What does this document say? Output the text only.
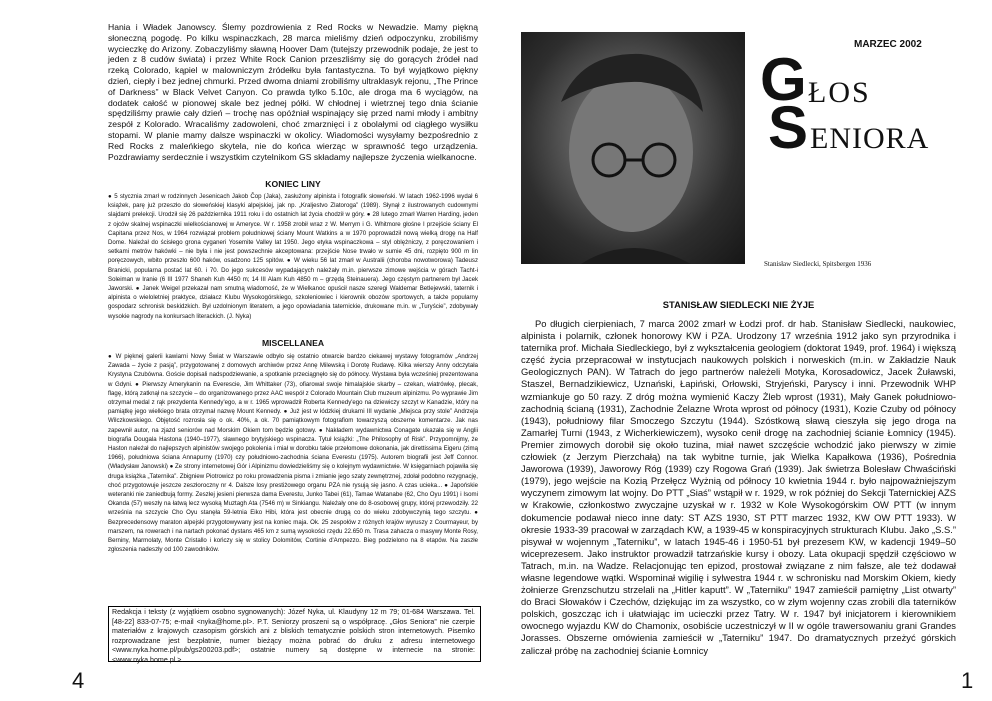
Hania i Władek Janowscy. Ślemy pozdrowienia z Red Rocks w Newadzie. Mamy piękną słoneczną pogodę. Po kilku wspinaczkach, 28 marca mieliśmy dzień odpoczynku, zrobiliśmy wycieczkę do Arizony. Zobaczyliśmy sławną Hoover Dam (tutejszy przewodnik podaje, że jest to jeden z 8 cudów świata) i przez White Rock Canion przeszliśmy się do gorących źródeł nad rzeką Colorado, kąpiel w malowniczym źródełku była fantastyczna. To był wyjątkowo piękny dzień, ciepły i bez jednej chmurki. Przed dwoma dniami zrobiliśmy ultraklasyk rejonu, „The Prince of Darkness” w Black Velvet Canyon. Co prawda tylko 5.10c, ale droga ma 6 wyciągów, na dodatek całość w pionowej skale bez jednej półki. W chłodnej i wietrznej tego dnia ścianie spędziliśmy prawie cały dzień – trochę nas opóźniał wspinający się przed nami młody i ambitny zespół z Kolorado. Wracaliśmy zadowoleni, choć zmarznięci i z obolałymi od ciągłego wysiłku stopami. W planie mamy dalsze wspinaczki w okolicy. Wiadomości wysyłamy bezpośrednio z Red Rocks z maleńkiego skytela, nie do końca wierząc w sprawność tego urządzenia. Pozdrawiamy serdecznie i wszystkim czytelnikom GS składamy najlepsze życzenia wielkanocne.

KONIEC LINY

● 5 stycznia zmarł w rodzinnych Jesenicach Jakob Čop (Jaka), zasłużony alpinista i fotografik słoweński. W latach 1962-1996 wydał 6 książek, parę już przeszło do słoweńskiej klasyki alpejskiej, jak np. „Kraljestvo Zlatoroga” (1989). Słynął z ilustrowanych cudownymi slajdami prelekcji. Urodził się 26 października 1911 roku i do ostatnich lat życia chodził w góry. ● 28 lutego zmarł Warren Harding, jeden z ojców skalnej wspinaczki wielkościanowej w Ameryce. W r. 1958 zrobił wraz z W. Merrym i G. Whitmore głośne I przejście ściany El Capitana przez Nos, w 1964 rozwiązał problem południowej ściany Mount Watkins a w 1970 poprowadził nową wielką drogę na Half Dome. Należał do ścisłego grona cyganeri Yosemite Valley lat 1950. Jego etyka wspinaczkowa – styl oblężniczy, z poręczowaniem i setkami metrów hakówki – nie była i nie jest powszechnie akceptowana: przejście Nose trwało w sumie 45 dni, rozpięto 900 m lin poręczowych, wbito przeszło 600 haków, osadzono 125 spitów. ● W wieku 56 lat zmarł w Australii (choroba nowotworowa) Tadeusz Branicki, popularna postać lat 60. i 70. Do jego sukcesów wypadających należały m.in. pierwsze zimowe wejścia w górach Tacht-i Soleiman w Iranie (6 III 1977 Shaneh Kuh 4450 m; 14 III Alam Kuh 4850 m – grzędą Steinauera). Jego częstym partnerem był Jacek Jaworski. ● Janek Weigel przekazał nam smutną wiadomość, że w Wielkanoc opuścił nasze szeregi Waldemar Betlejewski, taternik i alpinista o wieloletniej praktyce, działacz Klubu Wysokogórskiego, szkoleniowiec i kierownik obozów sportowych, a także popularny gospodarz schronisk beskidzkich. Był uzdolnionym literatem, a jego opowiadania taternickie, drukowane m.in. w „Turyście”, zdobywały wysokie nagrody na konkursach literackich. (J. Nyka)

MISCELLANEA

● W pięknej galerii kawiarni Nowy Świat w Warszawie odbyło się ostatnio otwarcie bardzo ciekawej wystawy fotogramów „Andrzej Zawada – życie z pasją”, przygotowanej z domowych archiwów przez Annę Milewską i Dorotę Rudawę. Kilka wierszy Anny odczytała Krystyna Czubówna. Goście dopisali nadspodziewanie, a spotkanie przeciągnęło się do północy. Wystawa była wcześniej prezentowana w Gdyni. ● Pierwszy Amerykanin na Everescie, Jim Whittaker (73), ofiarował swoje himalajskie skarby – czekan, wiatrówkę, plecak, flagę, którą zatknął na szczycie – do organizowanego przez AAC wespół z Colorado Mountain Club muzeum alpinizmu. Po wyprawie Jim otrzymał medal z rąk prezydenta Kennedy'ego, a w r. 1965 wprowadził Roberta Kennedy'ego na dziewiczy szczyt w Kanadzie, który na pamiątkę jego wielkiego brata otrzymał nazwę Mount Kennedy. ● Już jest w łódzkiej drukarni III wydanie „Miejsca przy stole” Andrzeja Wilczkowskiego. Objętość rozrosła się o ok. 40%, a ok. 70 pamiątkowym fotografiom towarzyszą obszerne komentarze. Jak nas zapewnił autor, na zjazd seniorów nad Morskim Okiem tom będzie gotowy. ● Nakładem wydawnictwa Conagate ukazała się w Anglii biografia Dougala Hastona (1940–1977), sławnego brytyjskiego wspinacza. Tytuł książki: „The Philosophy of Risk”. Przypomnijmy, że Haston należał do najlepszych alpinistów swojego pokolenia i miał w dorobku takie przełomowe dokonania, jak direttissima Eigeru (zimą 1966), południowa ściana Annapurny (1970) czy południowo-zachodnia ściana Everestu (1975). Autorem biografii jest Jeff Connor. (Władysław Janowski) ● Ze strony internetowej Gór i Alpinizmu dowiedzieliśmy się o kolejnym wydawnictwie. W księgarniach pojawiła się druga książka „Taternika”. Zbigniew Piotrowicz po roku prowadzenia pisma i zmianie jego szaty zewnętrznej, zdołał podobno rezygnację, choć przygotowuje jeszcze zeszłoroczny nr 4. Dalsze losy prestiżowego organu PZA nie rysują się jasno. A czas ucieka... ● Japońskie weteranki nie zaniedbują formy. Zeszłej jesieni pierwsza dama Everestu, Junko Tabei (61), Tamae Watanabe (62, Cho Oyu 1991) i Isomi Okanda (57) weszły na łatwą lecz wysoką Muztagh Ata (7546 m) w Sinkiangu. Należały one do 8-osobowej grupy, której przewodziły. 22 września na szczycie Cho Oyu stanęła 59-letnia Eiko Hibi, która jest obecnie drugą co do wieku zdobywczynią tego szczytu. ● Bezprecedensowy maraton alpejski przygotowywany jest na koniec maja. Ok. 25 zespołów z różnych krajów wyruszy z Courmayeur, by marszem, na rowerach i na nartach pokonać dystans 465 km z sumą wysokości rzędu 22.650 m. Trasa zahacza o masywy Monte Rosy, Berniny, Marmolaty, Monte Cristallo i kończy się w stolicy Dolomitów, Cortinie d'Ampezzo. Bieg podzielono na 8 etapów. Na zaszłe zgłoszenia nadeszły od 100 zawodników.

Redakcja i teksty (z wyjątkiem osobno sygnowanych): Józef Nyka, ul. Klaudyny 12 m 79; 01-684 Warszawa. Tel. [48-22] 833-07-75; e-mail <nyka@home.pl>. P.T. Seniorzy proszeni są o współpracę. „Głos Seniora” nie czerpie materiałów z krajowych czasopism górskich ani z bliskich tematycznie polskich stron internetowych. Pisemko rozprowadzane jest bezpłatnie, numer bieżący można pobrać do druku z adresu internetowego <www.nyka.home.pl/pub/gs200203.pdf>; ostatnie numery są dostępne w internecie na stronie: <www.nyka.home.pl.>.

4
Stanisław Siedlecki, Spitsbergen 1936
MARZEC 2002
G ŁOS
S ENIORA
STANISŁAW SIEDLECKI NIE ŻYJE

Po długich cierpieniach, 7 marca 2002 zmarł w Łodzi prof. dr hab. Stanisław Siedlecki, naukowiec, alpinista i polarnik, członek honorowy KW i PZA. Urodzony 17 września 1912 jako syn przyrodnika i taternika prof. Michała Siedleckiego, był z wykształcenia geologiem (doktorat 1949, prof. 1964) i większą część życia przepracował w instytucjach naukowych polskich i norweskich (m.in. w Zakładzie Nauk Geologicznych PAN). W Tatrach do jego partnerów należeli Motyka, Korosadowicz, Jacek Żuławski, Staszel, Bernadzikiewicz, Uznański, Łapiński, Orłowski, Stryjeński, Paryscy i inni. Przewodnik WHP wzmiankuje go 50 razy. Z dróg można wymienić Kaczy Żleb wprost (1931), Mały Ganek południowo-zachodnią ścianą (1931), Zachodnie Żelazne Wrota wprost od północy (1931), Kozie Czuby od północy (1943), południowy filar Smoczego Szczytu (1944). Szóstkową sławą cieszyła się jego droga na Zamarłej Turni (1943, z Wicherkiewiczem), wysoko cenił drogę na zachodniej ścianie Łomnicy (1945). Premier zimowych dorobił się około tuzina, miał nawet szczęście wchodzić jako pierwszy w zimie człowiek (z Jerzym Pierzchałą) na tak wybitne turnie, jak Wielka Kapałkowa (1936), Pośrednia Jaworowa (1939), Jaworowy Róg (1939) czy Rogowa Grań (1939). Jak świetrza Bolesław Chwaściński (1979), jego wejście na Kozią Przełęcz Wyżnią od północy 10 kwietnia 1944 r. było najpoważniejszym wyczynem zimowym lat wojny. Do PTT „Siaś” wstąpił w r. 1929, w rok później do Sekcji Taternickiej AZS w Krakowie, członkostwo zwyczajne uzyskał w r. 1932 w Kole Wysokogórskim OW PTT (w innym dokumencie podawał nieco inne daty: ST AZS 1930, ST PTT marzec 1932, KW OW PTT 1933). W okresie 1933-39 pracował w zarządach KW, a 1939-45 w konspiracyjnych strukturach Klubu. Jako „S.S.” pisywał w wojennym „Taterniku”, w latach 1945-46 i 1950-51 był prezesem KW, w kadencji 1949–50 wiceprezesem. Jako instruktor prowadził tatrzańskie kursy i obozy. Lata okupacji spędził częściowo w Tatrach, m.in. na Wadze. Relacjonując ten epizod, prostował związane z nim fałsze, ale też dodawał własne legendowe wątki. Wspominał wigilię i sylwestra 1944 r. w schronisku nad Morskim Okiem, kiedy żołnierze Grenzschutzu strzelali na „Hitler kaputt”. W „Taterniku” 1947 zamieścił pamiętny „List otwarty” do Braci Słowaków i Czechów, dziękując im za wszystko, co w złym wojenny czas zrobili dla taterników polskich, goszcząc ich i ułatwiając im ucieczki przez Tatry. W r. 1947 był inicjatorem i kierownikiem owocnego wyjazdu KW do Chamonix, osobiście uczestniczył w II w ogóle trawersowaniu grani Grandes Jorasses. Obszerne omówienia zamieścił w „Taterniku” 1947. Do dramatycznych przeżyć górskich zaliczał próbę na zachodniej ścianie Łomnicy

1
